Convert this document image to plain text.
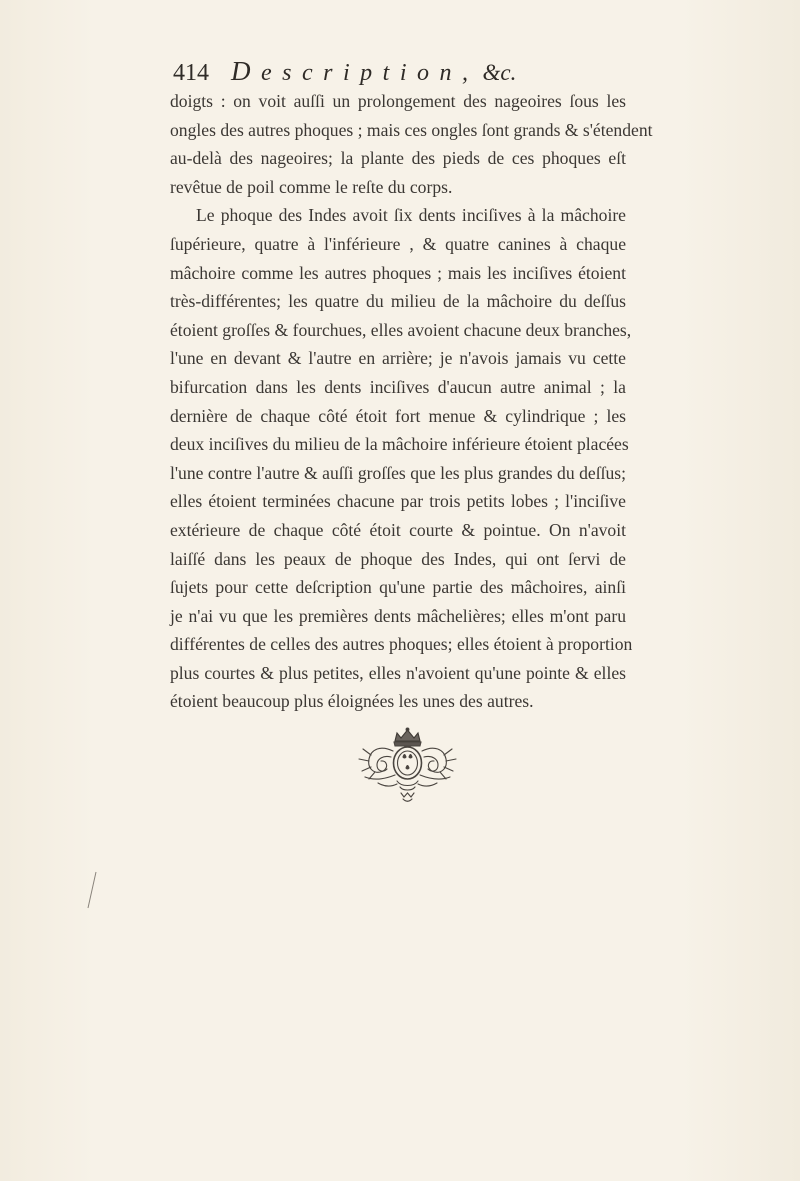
414 Description, &c.
doigts : on voit auſſi un prolongement des nageoires ſous les
ongles des autres phoques ; mais ces ongles ſont grands & s'étendent
au-delà des nageoires; la plante des pieds de ces phoques eſt
revêtue de poil comme le reſte du corps.
Le phoque des Indes avoit ſix dents inciſives à la mâchoire
ſupérieure, quatre à l'inférieure , & quatre canines à chaque
mâchoire comme les autres phoques ; mais les inciſives étoient
très-différentes; les quatre du milieu de la mâchoire du deſſus
étoient groſſes & fourchues, elles avoient chacune deux branches,
l'une en devant & l'autre en arrière; je n'avois jamais vu cette
bifurcation dans les dents inciſives d'aucun autre animal ; la
dernière de chaque côté étoit fort menue & cylindrique ; les
deux inciſives du milieu de la mâchoire inférieure étoient placées
l'une contre l'autre & auſſi groſſes que les plus grandes du deſſus;
elles étoient terminées chacune par trois petits lobes ; l'inciſive
extérieure de chaque côté étoit courte & pointue. On n'avoit
laiſſé dans les peaux de phoque des Indes, qui ont ſervi de
ſujets pour cette deſcription qu'une partie des mâchoires, ainſi
je n'ai vu que les premières dents mâchelières; elles m'ont paru
différentes de celles des autres phoques; elles étoient à proportion
plus courtes & plus petites, elles n'avoient qu'une pointe & elles
étoient beaucoup plus éloignées les unes des autres.
